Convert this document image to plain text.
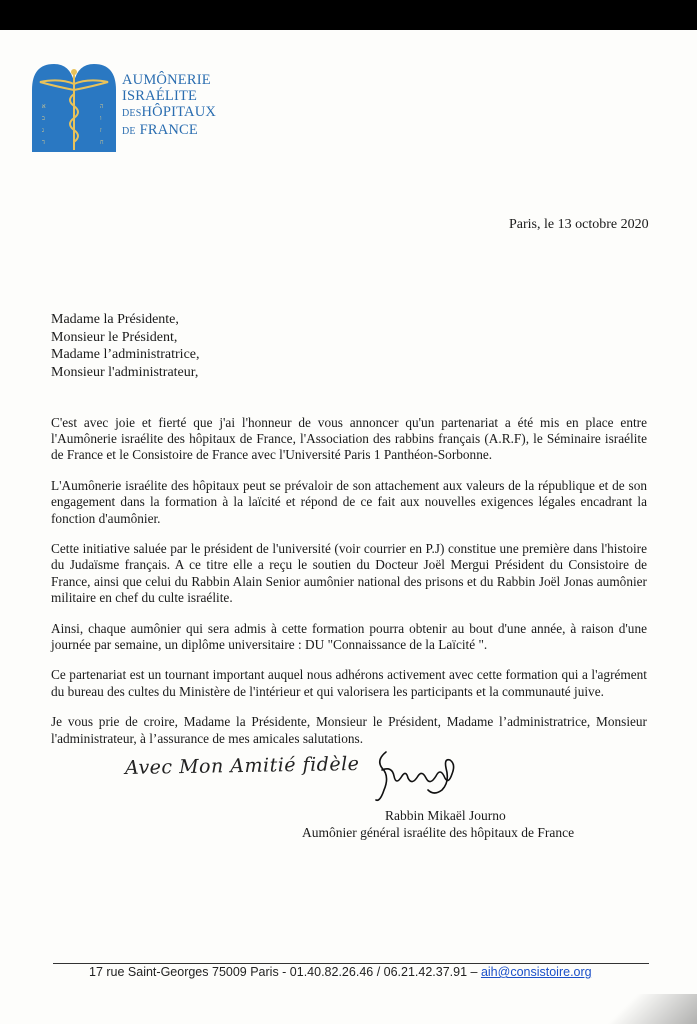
א
ב
ג
ד
ה
ו
ז
ח
AUMÔNERIE
ISRAÉLITE
DESHÔPITAUX
DE FRANCE
Paris, le 13 octobre 2020
Madame la Présidente,
Monsieur le Président,
Madame l’administratrice,
Monsieur l'administrateur,

C'est avec joie et fierté que j'ai l'honneur de vous annoncer qu'un partenariat a été mis en place entre l'Aumônerie israélite des hôpitaux de France, l'Association des rabbins français (A.R.F), le Séminaire israélite de France et le Consistoire de France avec l'Université Paris 1 Panthéon-Sorbonne.

L'Aumônerie israélite des hôpitaux peut se prévaloir de son attachement aux valeurs de la république et de son engagement dans la formation à la laïcité et répond de ce fait aux nouvelles exigences légales encadrant la fonction d'aumônier.

Cette initiative saluée par le président de l'université (voir courrier en P.J) constitue une première dans l'histoire du Judaïsme français. A ce titre elle a reçu le soutien du Docteur Joël Mergui Président du Consistoire de France, ainsi que celui du Rabbin Alain Senior aumônier national des prisons et du Rabbin Joël Jonas aumônier militaire en chef du culte israélite.

Ainsi, chaque aumônier qui sera admis à cette formation pourra obtenir au bout d'une année, à raison d'une journée par semaine, un diplôme universitaire : DU "Connaissance de la Laïcité ".

Ce partenariat est un tournant important auquel nous adhérons activement avec cette formation qui a l'agrément du bureau des cultes du Ministère de l'intérieur et qui valorisera les participants et la communauté juive.

Je vous prie de croire, Madame la Présidente, Monsieur le Président, Madame l’administratrice, Monsieur l'administrateur, à l’assurance de mes amicales salutations.

Avec Mon Amitié fidèle
Rabbin Mikaël Journo
Aumônier général israélite des hôpitaux de France
17 rue Saint-Georges 75009 Paris - 01.40.82.26.46 / 06.21.42.37.91 – aih@consistoire.org
